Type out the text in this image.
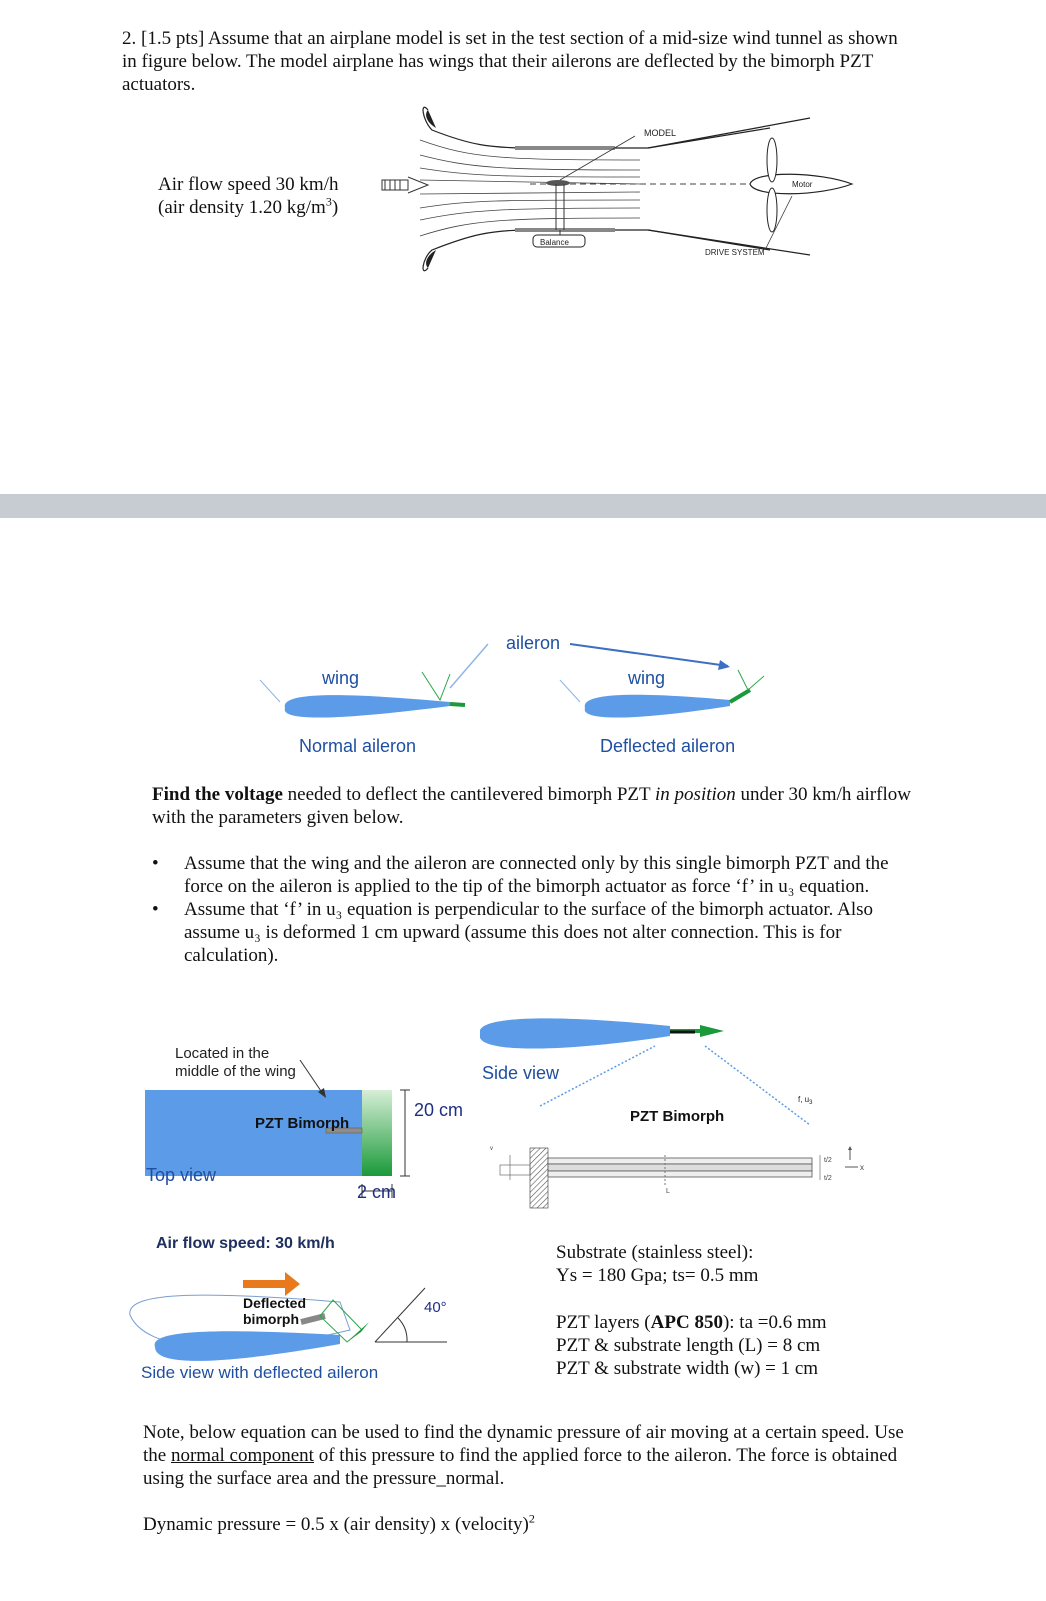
2. [1.5 pts] Assume that an airplane model is set in the test section of a mid-size wind tunnel as shown in figure below. The model airplane has wings that their ailerons are deflected by the bimorph PZT actuators.
Air flow speed 30 km/h
(air density 1.20 $kg/m^3$)
MODEL
Balance
Motor
DRIVE SYSTEM
aileron
wing	wing
Normal aileron	Deflected aileron
Find the voltage needed to deflect the cantilevered bimorph PZT in position under 30 km/h airflow with the parameters given below.
• Assume that the wing and the aileron are connected only by this single bimorph PZT and the force on the aileron is applied to the tip of the bimorph actuator as force ‘f’ in u₃ equation.
• Assume that ‘f’ in u₃ equation is perpendicular to the surface of the bimorph actuator. Also assume u₃ is deformed 1 cm upward (assume this does not alter connection. This is for calculation).
Located in the
middle of the wing
PZT Bimorph
20 cm
2 cm
Top view
f, $u_3$
t/2
t/2
x
L
v
Side view
PZT Bimorph
Air flow speed: 30 km/h
Deflected
bimorph
40°
Side view with deflected aileron
Substrate (stainless steel):
Ys = 180 Gpa; ts= 0.5 mm
PZT layers (APC 850): ta =0.6 mm
PZT & substrate length (L) = 8 cm
PZT & substrate width (w) = 1 cm
Note, below equation can be used to find the dynamic pressure of air moving at a certain speed. Use the normal component of this pressure to find the applied force to the aileron. The force is obtained using the surface area and the pressure_normal.
Dynamic pressure = 0.5 x (air density) x (velocity)$^2$
